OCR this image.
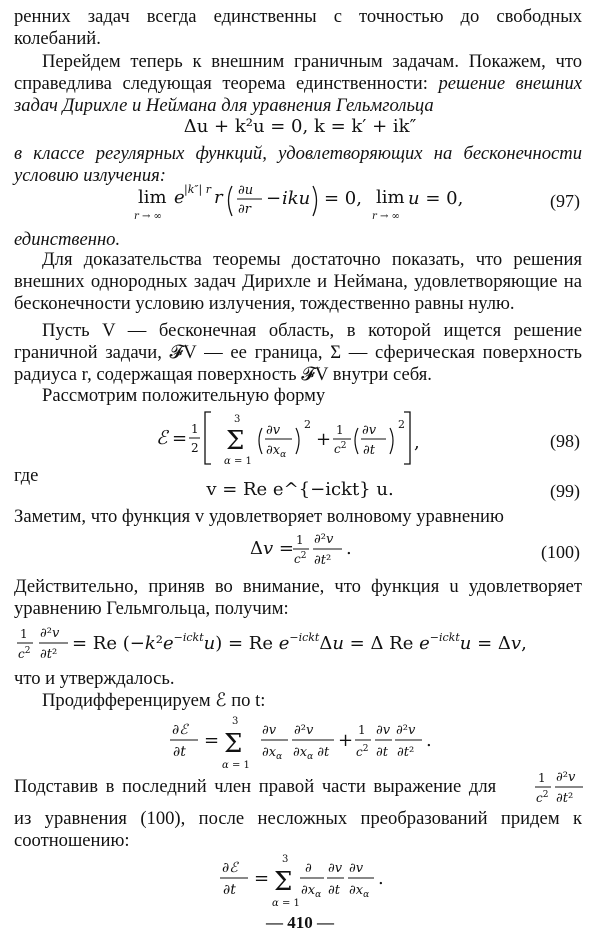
ренних задач всегда единственны с точностью до свободных колебаний.

Перейдем теперь к внешним граничным задачам. Покажем, что справедлива следующая теорема единственности: решение внешних задач Дирихле и Неймана для уравнения Гельмгольца

Δu + k²u = 0, k = k′ + ik″

в классе регулярных функций, удовлетворяющих на бесконечности условию излучения:

lim
r → ∞
e |k″| r r ∂u
∂r
− iku = 0, lim
r → ∞
u = 0,	(97)

единственно.

Для доказательства теоремы достаточно показать, что решения внешних однородных задач Дирихле и Неймана, удовлетворяющие на бесконечности условию излучения, тождественно равны нулю.

Пусть V — бесконечная область, в которой ищется решение граничной задачи, 𝓕V — ее граница, Σ — сферическая поверхность радиуса r, содержащая поверхность 𝓕V внутри себя.

Рассмотрим положительную форму

ℰ = 1
2
3
Σ
α = 1
∂v
$\partial x_\alpha$
2
+ 1
$c^2$
∂v
∂t
2
,	(98)

где

v = Re e^{−ickt} u.	(99)

Заметим, что функция v удовлетворяет волновому уравнению

Δv = 1
$c^2$
∂²v
∂t²
.	(100)

Действительно, приняв во внимание, что функция u удовлетворяет уравнению Гельмгольца, получим:

1
$c^2$
∂²v
∂t²
= Re $(-k^2e^{-ickt}u) = Re$ $e^{-ickt}\Delta u = \Delta$ Re $e^{-ickt}u = \Delta v$,

что и утверждалось.

Продифференцируем ℰ по t:

∂ℰ
∂t
=
3
Σ
α = 1
∂v
$\partial x_\alpha$
∂²v
$\partial x_\alpha$ ∂t
+ 1
$c^2$
∂v
∂t
∂²v
∂t²
.

Подставив в последний член правой части выражение для	1
$c^2$
∂²v
∂t²

из уравнения (100), после несложных преобразований придем к соотношению:

∂ℰ
∂t
=
3
Σ
α = 1
∂
$\partial x_\alpha$
∂v
∂t
∂v
$\partial x_\alpha$
.
— 410 —
